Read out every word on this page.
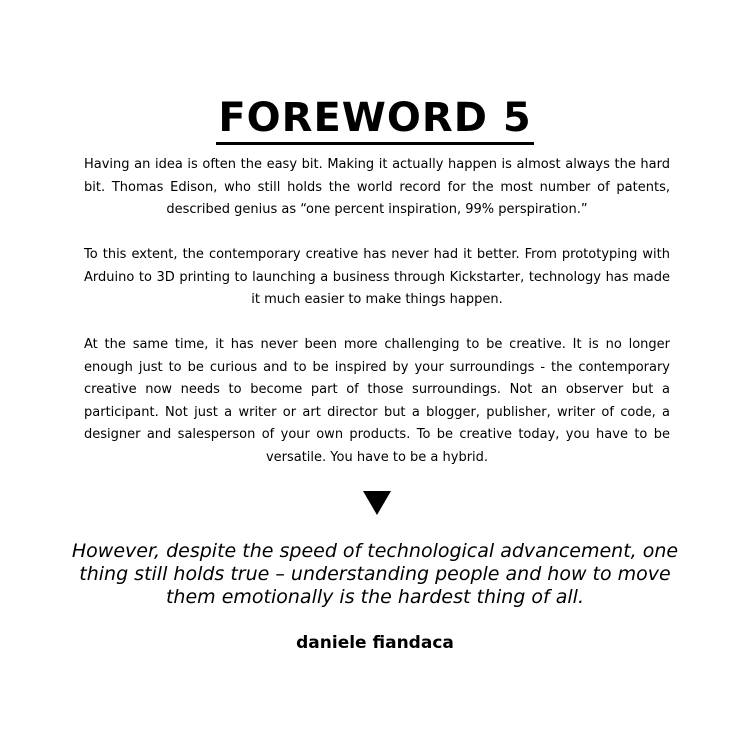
FOREWORD 5

Having an idea is often the easy bit. Making it actually happen is almost always the hard bit. Thomas Edison, who still holds the world record for the most number of patents, described genius as “one percent inspiration, 99% perspiration.”

To this extent, the contemporary creative has never had it better. From prototyping with Arduino to 3D printing to launching a business through Kickstarter, technology has made it much easier to make things happen.

At the same time, it has never been more challenging to be creative. It is no longer enough just to be curious and to be inspired by your surroundings - the contemporary creative now needs to become part of those surroundings. Not an observer but a participant. Not just a writer or art director but a blogger, publisher, writer of code, a designer and salesperson of your own products. To be creative today, you have to be versatile. You have to be a hybrid.

However, despite the speed of technological advancement, one thing still holds true – understanding people and how to move them emotionally is the hardest thing of all.

daniele fiandaca
